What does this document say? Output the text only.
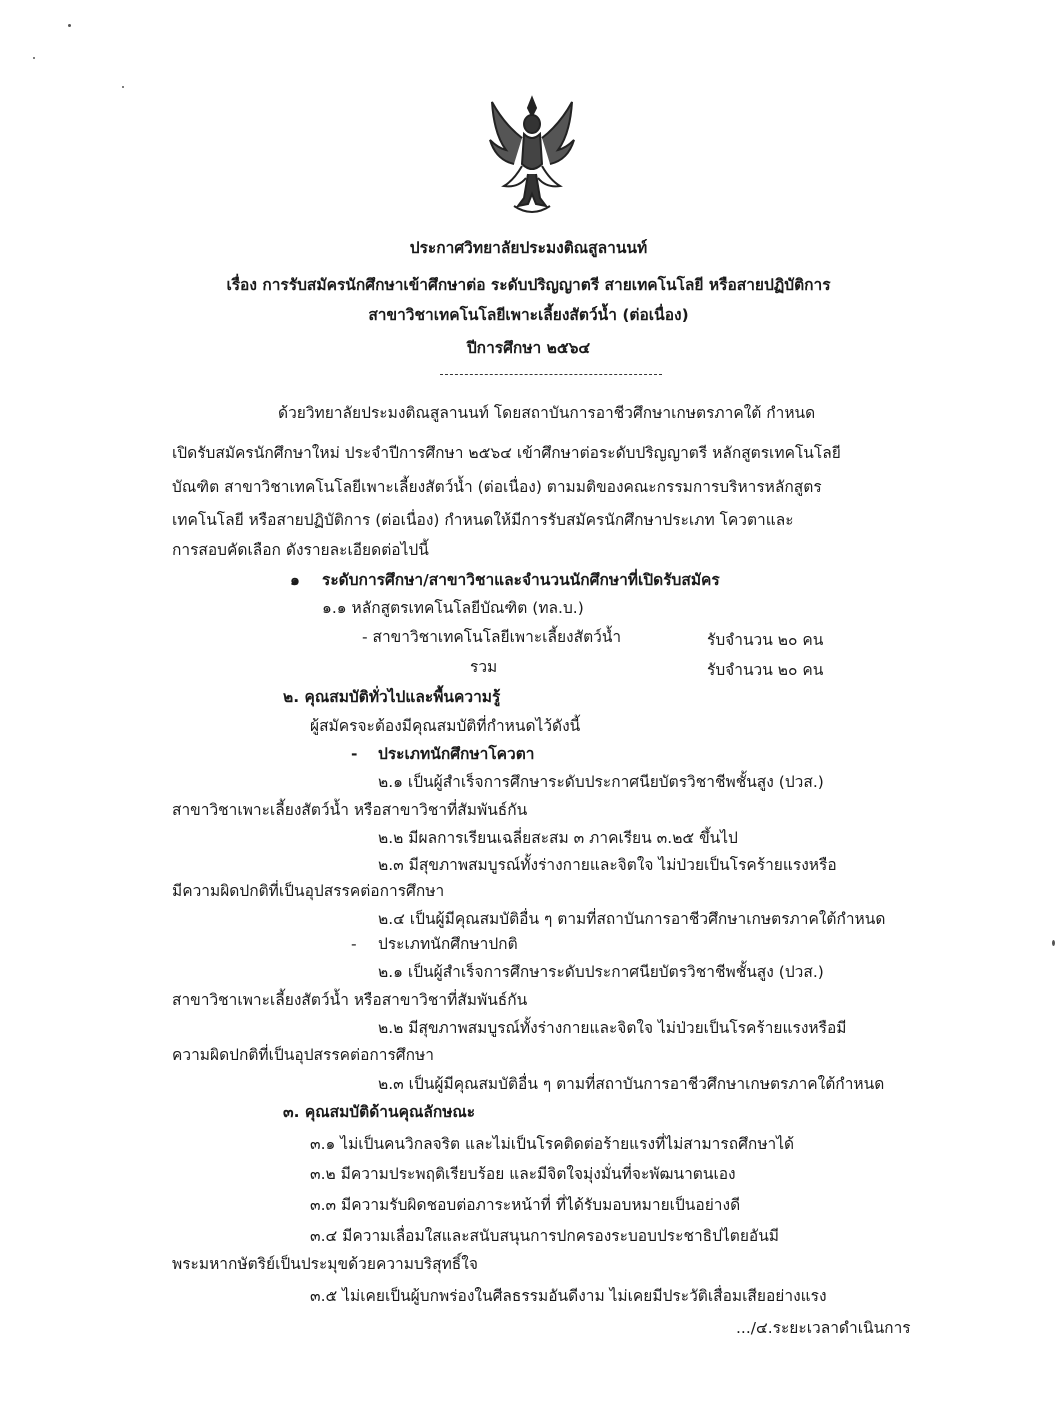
ประกาศวิทยาลัยประมงติณสูลานนท์
เรื่อง การรับสมัครนักศึกษาเข้าศึกษาต่อ ระดับปริญญาตรี สายเทคโนโลยี หรือสายปฏิบัติการ
สาขาวิชาเทคโนโลยีเพาะเลี้ยงสัตว์น้ำ (ต่อเนื่อง)
ปีการศึกษา ๒๕๖๔
ด้วยวิทยาลัยประมงติณสูลานนท์ โดยสถาบันการอาชีวศึกษาเกษตรภาคใต้ กำหนด
เปิดรับสมัครนักศึกษาใหม่ ประจำปีการศึกษา ๒๕๖๔ เข้าศึกษาต่อระดับปริญญาตรี หลักสูตรเทคโนโลยี
บัณฑิต สาขาวิชาเทคโนโลยีเพาะเลี้ยงสัตว์น้ำ (ต่อเนื่อง) ตามมติของคณะกรรมการบริหารหลักสูตร
เทคโนโลยี หรือสายปฏิบัติการ (ต่อเนื่อง) กำหนดให้มีการรับสมัครนักศึกษาประเภท โควตาและ
การสอบคัดเลือก ดังรายละเอียดต่อไปนี้
๑ ระดับการศึกษา/สาขาวิชาและจำนวนนักศึกษาที่เปิดรับสมัคร
๑.๑ หลักสูตรเทคโนโลยีบัณฑิต (ทล.บ.)
- สาขาวิชาเทคโนโลยีเพาะเลี้ยงสัตว์น้ำ	รับจำนวน ๒๐ คน
รวม	รับจำนวน ๒๐ คน
๒. คุณสมบัติทั่วไปและพื้นความรู้
ผู้สมัครจะต้องมีคุณสมบัติที่กำหนดไว้ดังนี้
- ประเภทนักศึกษาโควตา
๒.๑ เป็นผู้สำเร็จการศึกษาระดับประกาศนียบัตรวิชาชีพชั้นสูง (ปวส.)
สาขาวิชาเพาะเลี้ยงสัตว์น้ำ หรือสาขาวิชาที่สัมพันธ์กัน
๒.๒ มีผลการเรียนเฉลี่ยสะสม ๓ ภาคเรียน ๓.๒๕ ขึ้นไป
๒.๓ มีสุขภาพสมบูรณ์ทั้งร่างกายและจิตใจ ไม่ป่วยเป็นโรคร้ายแรงหรือ
มีความผิดปกติที่เป็นอุปสรรคต่อการศึกษา
๒.๔ เป็นผู้มีคุณสมบัติอื่น ๆ ตามที่สถาบันการอาชีวศึกษาเกษตรภาคใต้กำหนด
- ประเภทนักศึกษาปกติ
๒.๑ เป็นผู้สำเร็จการศึกษาระดับประกาศนียบัตรวิชาชีพชั้นสูง (ปวส.)
สาขาวิชาเพาะเลี้ยงสัตว์น้ำ หรือสาขาวิชาที่สัมพันธ์กัน
๒.๒ มีสุขภาพสมบูรณ์ทั้งร่างกายและจิตใจ ไม่ป่วยเป็นโรคร้ายแรงหรือมี
ความผิดปกติที่เป็นอุปสรรคต่อการศึกษา
๒.๓ เป็นผู้มีคุณสมบัติอื่น ๆ ตามที่สถาบันการอาชีวศึกษาเกษตรภาคใต้กำหนด
๓. คุณสมบัติด้านคุณลักษณะ
๓.๑ ไม่เป็นคนวิกลจริต และไม่เป็นโรคติดต่อร้ายแรงที่ไม่สามารถศึกษาได้
๓.๒ มีความประพฤติเรียบร้อย และมีจิตใจมุ่งมั่นที่จะพัฒนาตนเอง
๓.๓ มีความรับผิดชอบต่อภาระหน้าที่ ที่ได้รับมอบหมายเป็นอย่างดี
๓.๔ มีความเลื่อมใสและสนับสนุนการปกครองระบอบประชาธิปไตยอันมี
พระมหากษัตริย์เป็นประมุขด้วยความบริสุทธิ์ใจ
๓.๕ ไม่เคยเป็นผู้บกพร่องในศีลธรรมอันดีงาม ไม่เคยมีประวัติเสื่อมเสียอย่างแรง
.../๔.ระยะเวลาดำเนินการ
